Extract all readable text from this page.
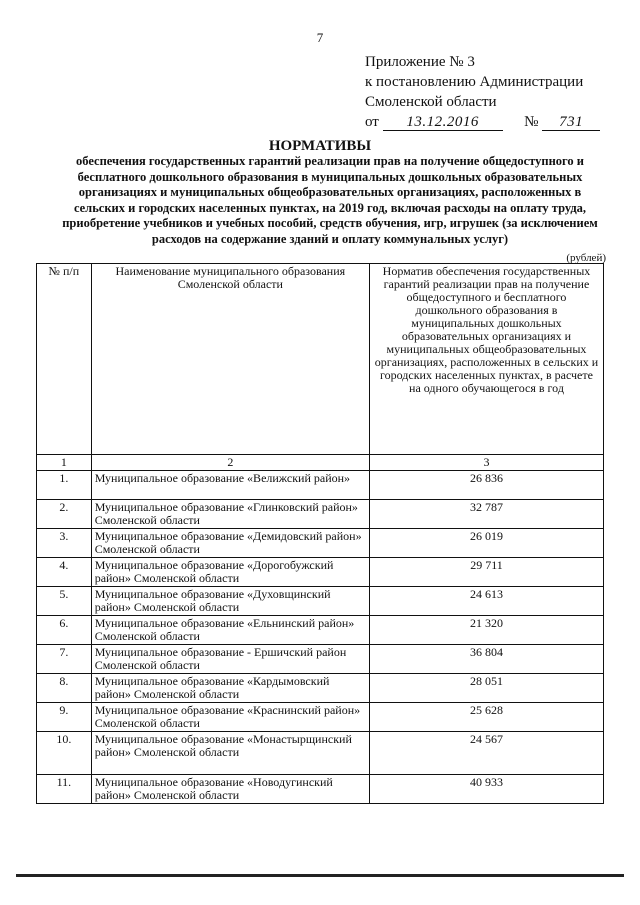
7
Приложение № 3
к постановлению Администрации
Смоленской области
от 13.12.2016	№ 731
НОРМАТИВЫ
обеспечения государственных гарантий реализации прав на получение общедоступного и бесплатного дошкольного образования в муниципальных дошкольных образовательных организациях и муниципальных общеобразовательных организациях, расположенных в сельских и городских населенных пунктах, на 2019 год, включая расходы на оплату труда, приобретение учебников и учебных пособий, средств обучения, игр, игрушек (за исключением расходов на содержание зданий и оплату коммунальных услуг)
(рублей)
№ п/п	Наименование муниципального образования Смоленской области	Норматив обеспечения государственных гарантий реализации прав на получение общедоступного и бесплатного дошкольного образования в муниципальных дошкольных образовательных организациях и муниципальных общеобразовательных организациях, расположенных в сельских и городских населенных пунктах, в расчете на одного обучающегося в год
1	2	3
1.	Муниципальное образование «Велижский район»	26 836
2.	Муниципальное образование «Глинковский район» Смоленской области	32 787
3.	Муниципальное образование «Демидовский район» Смоленской области	26 019
4.	Муниципальное образование «Дорогобужский район» Смоленской области	29 711
5.	Муниципальное образование «Духовщинский район» Смоленской области	24 613
6.	Муниципальное образование «Ельнинский район» Смоленской области	21 320
7.	Муниципальное образование - Ершичский район Смоленской области	36 804
8.	Муниципальное образование «Кардымовский район» Смоленской области	28 051
9.	Муниципальное образование «Краснинский район» Смоленской области	25 628
10.	Муниципальное образование «Монастырщинский район» Смоленской области	24 567
11.	Муниципальное образование «Новодугинский район» Смоленской области	40 933
